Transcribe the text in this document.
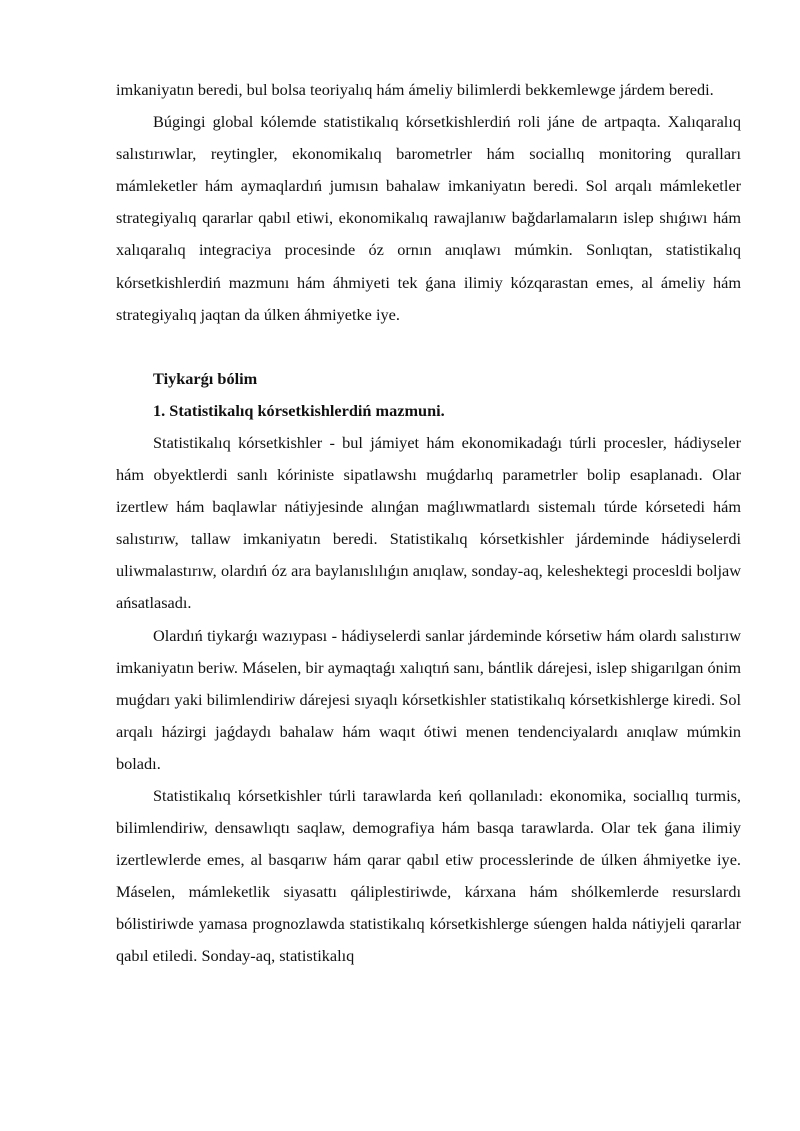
imkaniyatın beredi, bul bolsa teoriyalıq hám ámeliy bilimlerdi bekkemlewge járdem beredi.

Búgingi global kólemde statistikalıq kórsetkishlerdiń roli jáne de artpaqta. Xalıqaralıq salıstırıwlar, reytingler, ekonomikalıq barometrler hám sociallıq monitoring quralları mámleketler hám aymaqlardıń jumısın bahalaw imkaniyatın beredi. Sol arqalı mámleketler strategiyalıq qararlar qabıl etiwi, ekonomikalıq rawajlanıw bağdarlamaların islep shıǵıwı hám xalıqaralıq integraciya procesinde óz ornın anıqlawı múmkin. Sonlıqtan, statistikalıq kórsetkishlerdiń mazmunı hám áhmiyeti tek ǵana ilimiy kózqarastan emes, al ámeliy hám strategiyalıq jaqtan da úlken áhmiyetke iye.

Tiykarǵı bólim
1. Statistikalıq kórsetkishlerdiń mazmuni.

Statistikalıq kórsetkishler - bul jámiyet hám ekonomikadaǵı túrli procesler, hádiyseler hám obyektlerdi sanlı kóriniste sipatlawshı muǵdarlıq parametrler bolip esaplanadı. Olar izertlew hám baqlawlar nátiyjesinde alınǵan maǵlıwmatlardı sistemalı túrde kórsetedi hám salıstırıw, tallaw imkaniyatın beredi. Statistikalıq kórsetkishler járdeminde hádiyselerdi uliwmalastırıw, olardıń óz ara baylanıslılıǵın anıqlaw, sonday-aq, keleshektegi procesldi boljaw ańsatlasadı.

Olardıń tiykarǵı wazıypası - hádiyselerdi sanlar járdeminde kórsetiw hám olardı salıstırıw imkaniyatın beriw. Máselen, bir aymaqtaǵı xalıqtıń sanı, bántlik dárejesi, islep shigarılgan ónim muǵdarı yaki bilimlendiriw dárejesi sıyaqlı kórsetkishler statistikalıq kórsetkishlerge kiredi. Sol arqalı házirgi jaǵdaydı bahalaw hám waqıt ótiwi menen tendenciyalardı anıqlaw múmkin boladı.

Statistikalıq kórsetkishler túrli tarawlarda keń qollanıladı: ekonomika, sociallıq turmis, bilimlendiriw, densawlıqtı saqlaw, demografiya hám basqa tarawlarda. Olar tek ǵana ilimiy izertlewlerde emes, al basqarıw hám qarar qabıl etiw processlerinde de úlken áhmiyetke iye. Máselen, mámleketlik siyasattı qáliplestiriwde, kárxana hám shólkemlerde resurslardı bólistiriwde yamasa prognozlawda statistikalıq kórsetkishlerge súengen halda nátiyjeli qararlar qabıl etiledi. Sonday-aq, statistikalıq
